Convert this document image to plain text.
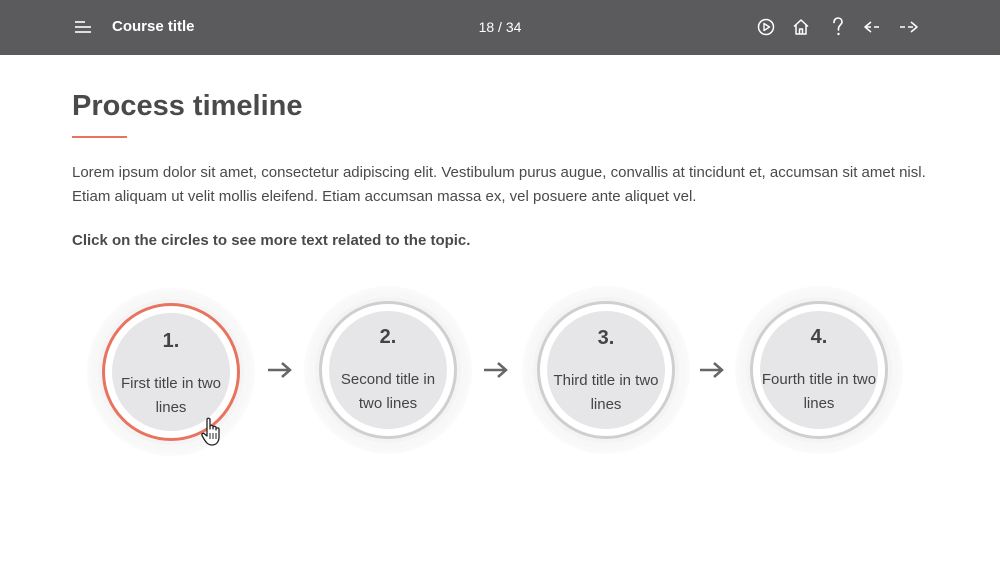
Course title	18 / 34
Process timeline

Lorem ipsum dolor sit amet, consectetur adipiscing elit. Vestibulum purus augue, convallis at tincidunt et, accumsan sit amet nisl. Etiam aliquam ut velit mollis eleifend. Etiam accumsan massa ex, vel posuere ante aliquet vel.

Click on the circles to see more text related to the topic.

1.
First title in two lines
2.
Second title in two lines
3.
Third title in two lines
4.
Fourth title in two lines
